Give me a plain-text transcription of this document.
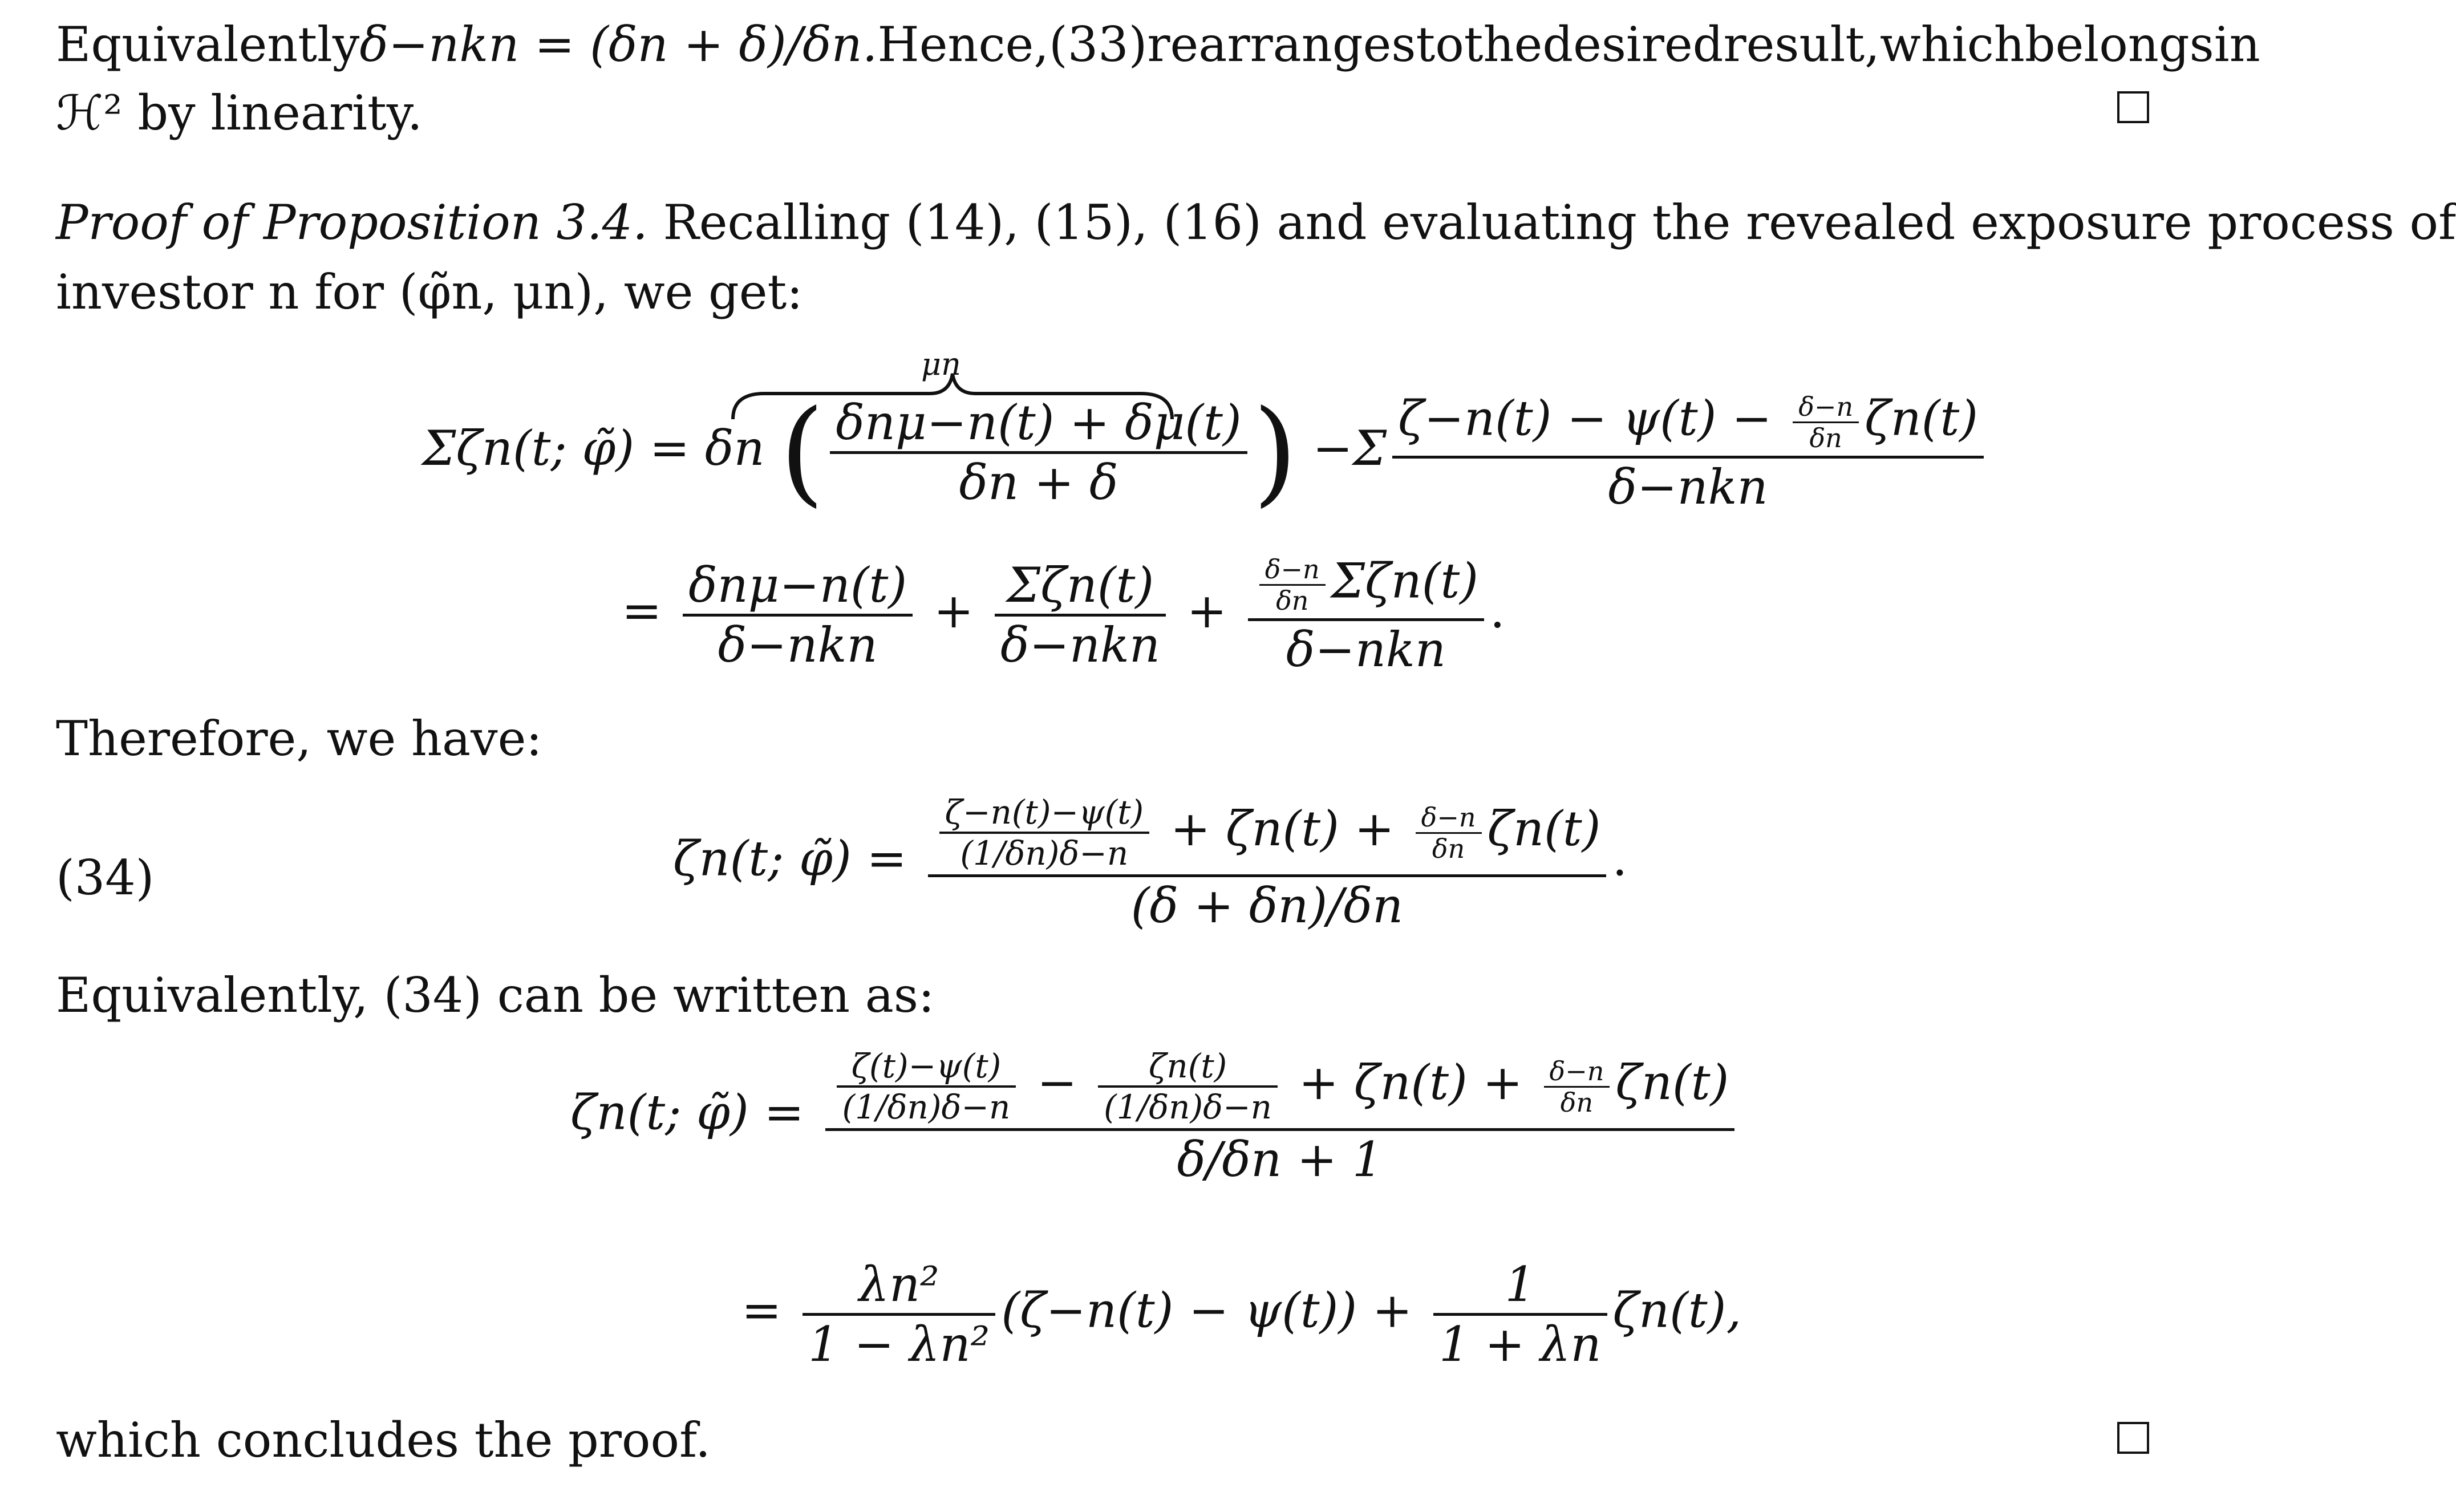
Equivalently δ−nkn = (δn + δ)/δn. Hence, (33) rearranges to the desired result, which belongs in
ℋ² by linearity.
Proof of Proposition 3.4. Recalling (14), (15), (16) and evaluating the revealed exposure process of
investor n for (φ̃n, μn), we get:
μn
Σζn(t; φ̃) = δn ( δnμ−n(t) + δμ(t)
δn + δ ) −Σ
$\zeta-n(t) - \psi(t) - \frac{\delta-n}{\delta n} \zeta n(t)$
δ−nkn
= δnμ−n(t)
δ−nkn
+ Σζn(t)
δ−nkn
+ $\frac{\delta-n}{\delta n} \Sigma\zeta n(t)$
δ−nkn
.
Therefore, we have:
(34)	ζn(t; φ̃) = $\frac{\zeta-n(t)-\psi(t)}{(1/\delta n)\delta-n} + \zeta n(t) + \frac{\delta-n}{\delta n} \zeta n(t)$
(δ + δn)/δn
.
Equivalently, (34) can be written as:
ζn(t; φ̃) = $\frac{\zeta(t)-\psi(t)}{(1/\delta n)\delta-n} - \frac{\zeta n(t)}{(1/\delta n)\delta-n} + \zeta n(t) + \frac{\delta-n}{\delta n} \zeta n(t)$
δ/δn + 1
= λn²
1 − λn²
(ζ−n(t) − ψ(t)) + 1
1 + λn
ζn(t),
which concludes the proof.
